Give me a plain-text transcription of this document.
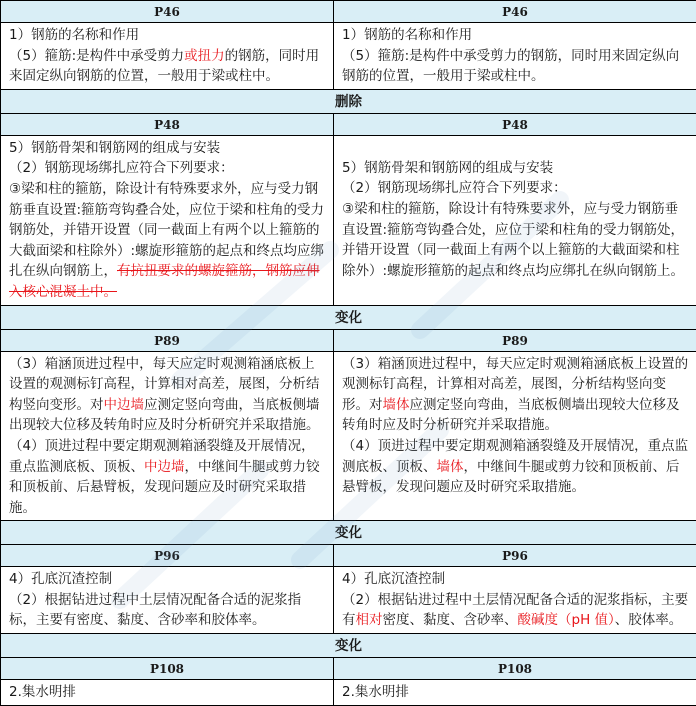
P46	P46

1）钢筋的名称和作用
（5）箍筋:是构件中承受剪力或扭力的钢筋，同时用来固定纵向钢筋的位置，一般用于梁或柱中。	1）钢筋的名称和作用
（5）箍筋:是构件中承受剪力的钢筋，同时用来固定纵向钢筋的位置，一般用于梁或柱中。

删除	
P48	P48

5）钢筋骨架和钢筋网的组成与安装
（2）钢筋现场绑扎应符合下列要求：
③梁和柱的箍筋，除设计有特殊要求外，应与受力钢筋垂直设置:箍筋弯钩叠合处，应位于梁和柱角的受力钢筋处，并错开设置（同一截面上有两个以上箍筋的大截面梁和柱除外）:螺旋形箍筋的起点和终点均应绑扎在纵向钢筋上，有抗扭要求的螺旋箍筋，钢筋应伸入核心混凝土中。	5）钢筋骨架和钢筋网的组成与安装
（2）钢筋现场绑扎应符合下列要求：
③梁和柱的箍筋，除设计有特殊要求外，应与受力钢筋垂直设置:箍筋弯钩叠合处，应位于梁和柱角的受力钢筋处，并错开设置（同一截面上有两个以上箍筋的大截面梁和柱除外）:螺旋形箍筋的起点和终点均应绑扎在纵向钢筋上。

变化	
P89	P89

（3）箱涵顶进过程中，每天应定时观测箱涵底板上设置的观测标钉高程，计算相对高差，展图，分析结构竖向变形。对中边墙应测定竖向弯曲，当底板侧墙出现较大位移及转角时应及时分析研究并采取措施。
（4）顶进过程中要定期观测箱涵裂缝及开展情况，重点监测底板、顶板、中边墙，中继间牛腿或剪力铰和顶板前、后悬臂板，发现问题应及时研究采取措施。	（3）箱涵顶进过程中，每天应定时观测箱涵底板上设置的观测标钉高程，计算相对高差，展图，分析结构竖向变形。对墙体应测定竖向弯曲，当底板侧墙出现较大位移及转角时应及时分析研究并采取措施。
（4）顶进过程中要定期观测箱涵裂缝及开展情况，重点监测底板、顶板、墙体，中继间牛腿或剪力铰和顶板前、后悬臂板，发现问题应及时研究采取措施。

变化	
P96	P96

4）孔底沉渣控制
（2）根据钻进过程中土层情况配备合适的泥浆指标，主要有密度、黏度、含砂率和胶体率。	4）孔底沉渣控制
（2）根据钻进过程中土层情况配备合适的泥浆指标，主要有相对密度、黏度、含砂率、酸碱度（pH 值）、胶体率。

变化	
P108	P108

2.集水明排	2.集水明排
